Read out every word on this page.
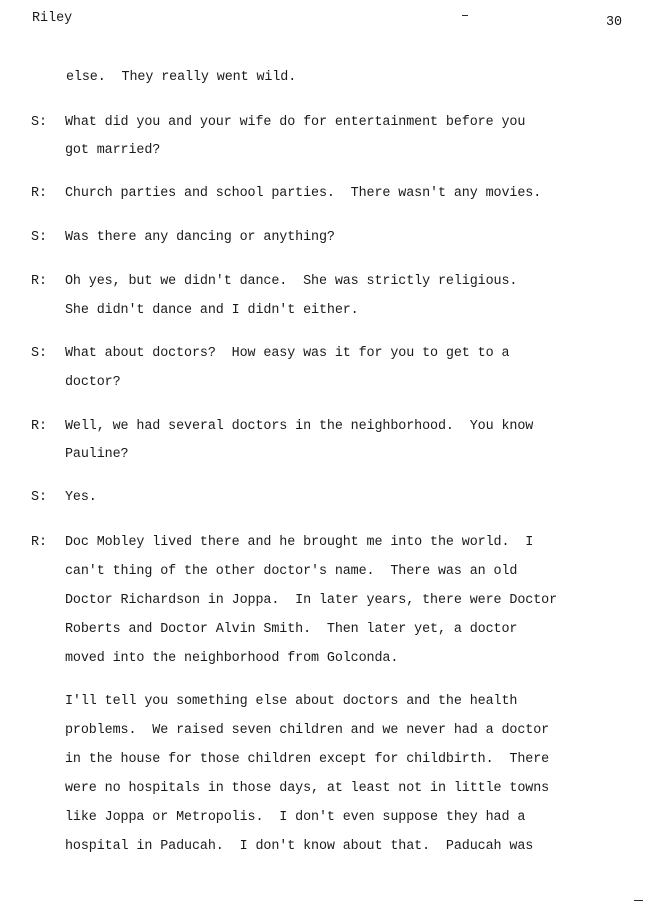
Riley	30
else.  They really went wild.
S: What did you and your wife do for entertainment before you
got married?
R: Church parties and school parties.  There wasn't any movies.
S: Was there any dancing or anything?
R: Oh yes, but we didn't dance.  She was strictly religious.
She didn't dance and I didn't either.
S: What about doctors?  How easy was it for you to get to a
doctor?
R: Well, we had several doctors in the neighborhood.  You know
Pauline?
S: Yes.
R: Doc Mobley lived there and he brought me into the world.  I
can't thing of the other doctor's name.  There was an old
Doctor Richardson in Joppa.  In later years, there were Doctor
Roberts and Doctor Alvin Smith.  Then later yet, a doctor
moved into the neighborhood from Golconda.
I'll tell you something else about doctors and the health
problems.  We raised seven children and we never had a doctor
in the house for those children except for childbirth.  There
were no hospitals in those days, at least not in little towns
like Joppa or Metropolis.  I don't even suppose they had a
hospital in Paducah.  I don't know about that.  Paducah was
